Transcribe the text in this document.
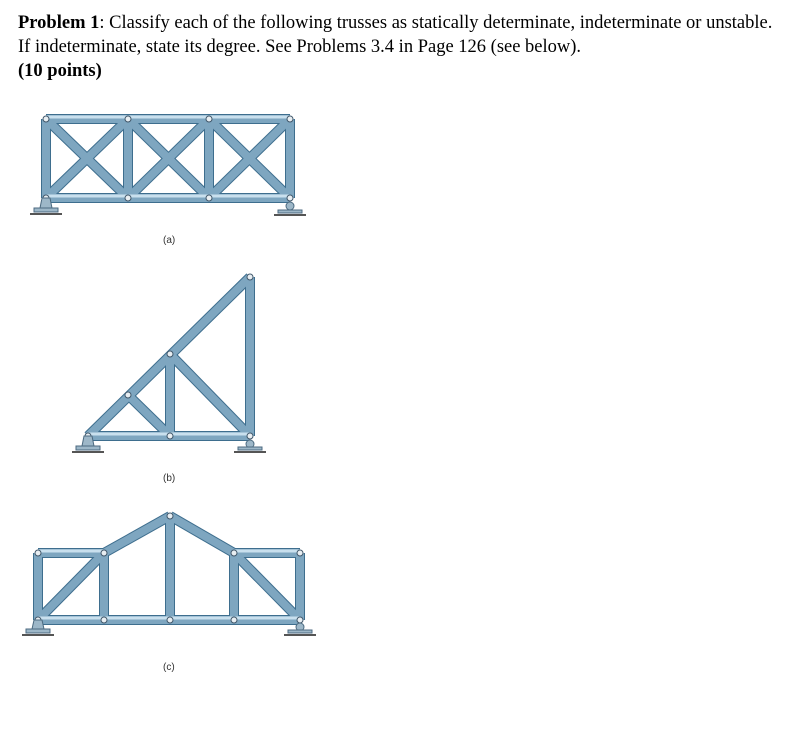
Problem 1: Classify each of the following trusses as statically determinate, indeterminate or unstable. If indeterminate, state its degree. See Problems 3.4 in Page 126 (see below).
(10 points)
(a)
(b)
(c)
